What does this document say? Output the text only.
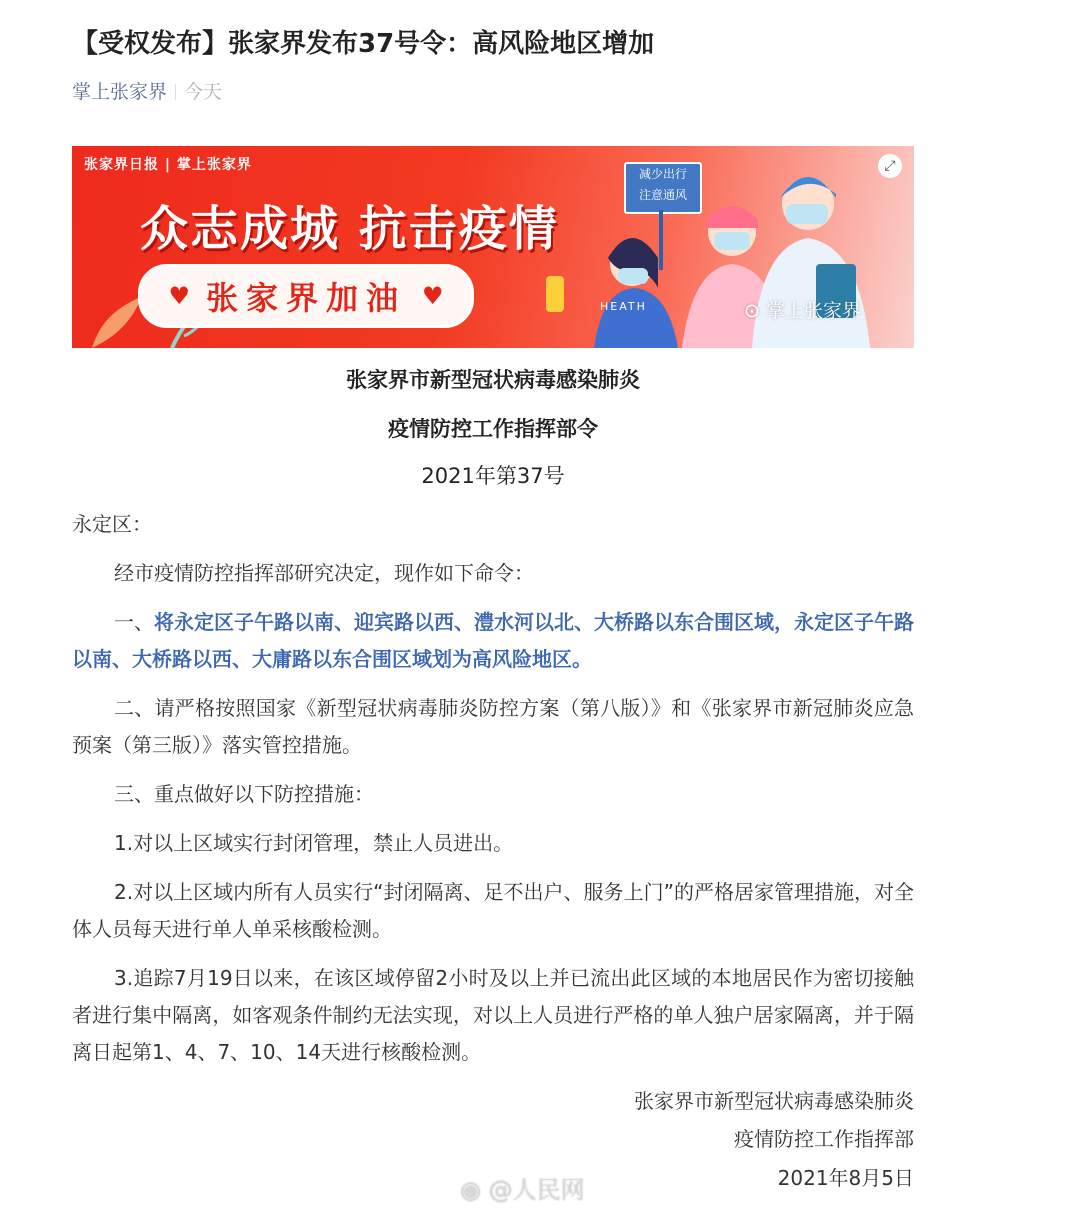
【受权发布】张家界发布37号令：高风险地区增加
掌上张家界 今天
张家界日报 | 掌上张家界
众志成城 抗击疫情
♥ 张家界加油 ♥
减少出行
注意通风
HEATH	⊙ 掌上张家界
⤢
张家界市新型冠状病毒感染肺炎
疫情防控工作指挥部令
2021年第37号

永定区：

经市疫情防控指挥部研究决定，现作如下命令：

一、将永定区子午路以南、迎宾路以西、澧水河以北、大桥路以东合围区域，永定区子午路以南、大桥路以西、大庸路以东合围区域划为高风险地区。

二、请严格按照国家《新型冠状病毒肺炎防控方案（第八版）》和《张家界市新冠肺炎应急预案（第三版）》落实管控措施。

三、重点做好以下防控措施：

1.对以上区域实行封闭管理，禁止人员进出。

2.对以上区域内所有人员实行“封闭隔离、足不出户、服务上门”的严格居家管理措施，对全体人员每天进行单人单采核酸检测。

3.追踪7月19日以来，在该区域停留2小时及以上并已流出此区域的本地居民作为密切接触者进行集中隔离，如客观条件制约无法实现，对以上人员进行严格的单人独户居家隔离，并于隔离日起第1、4、7、10、14天进行核酸检测。

张家界市新型冠状病毒感染肺炎
疫情防控工作指挥部
2021年8月5日
◉ @人民网
